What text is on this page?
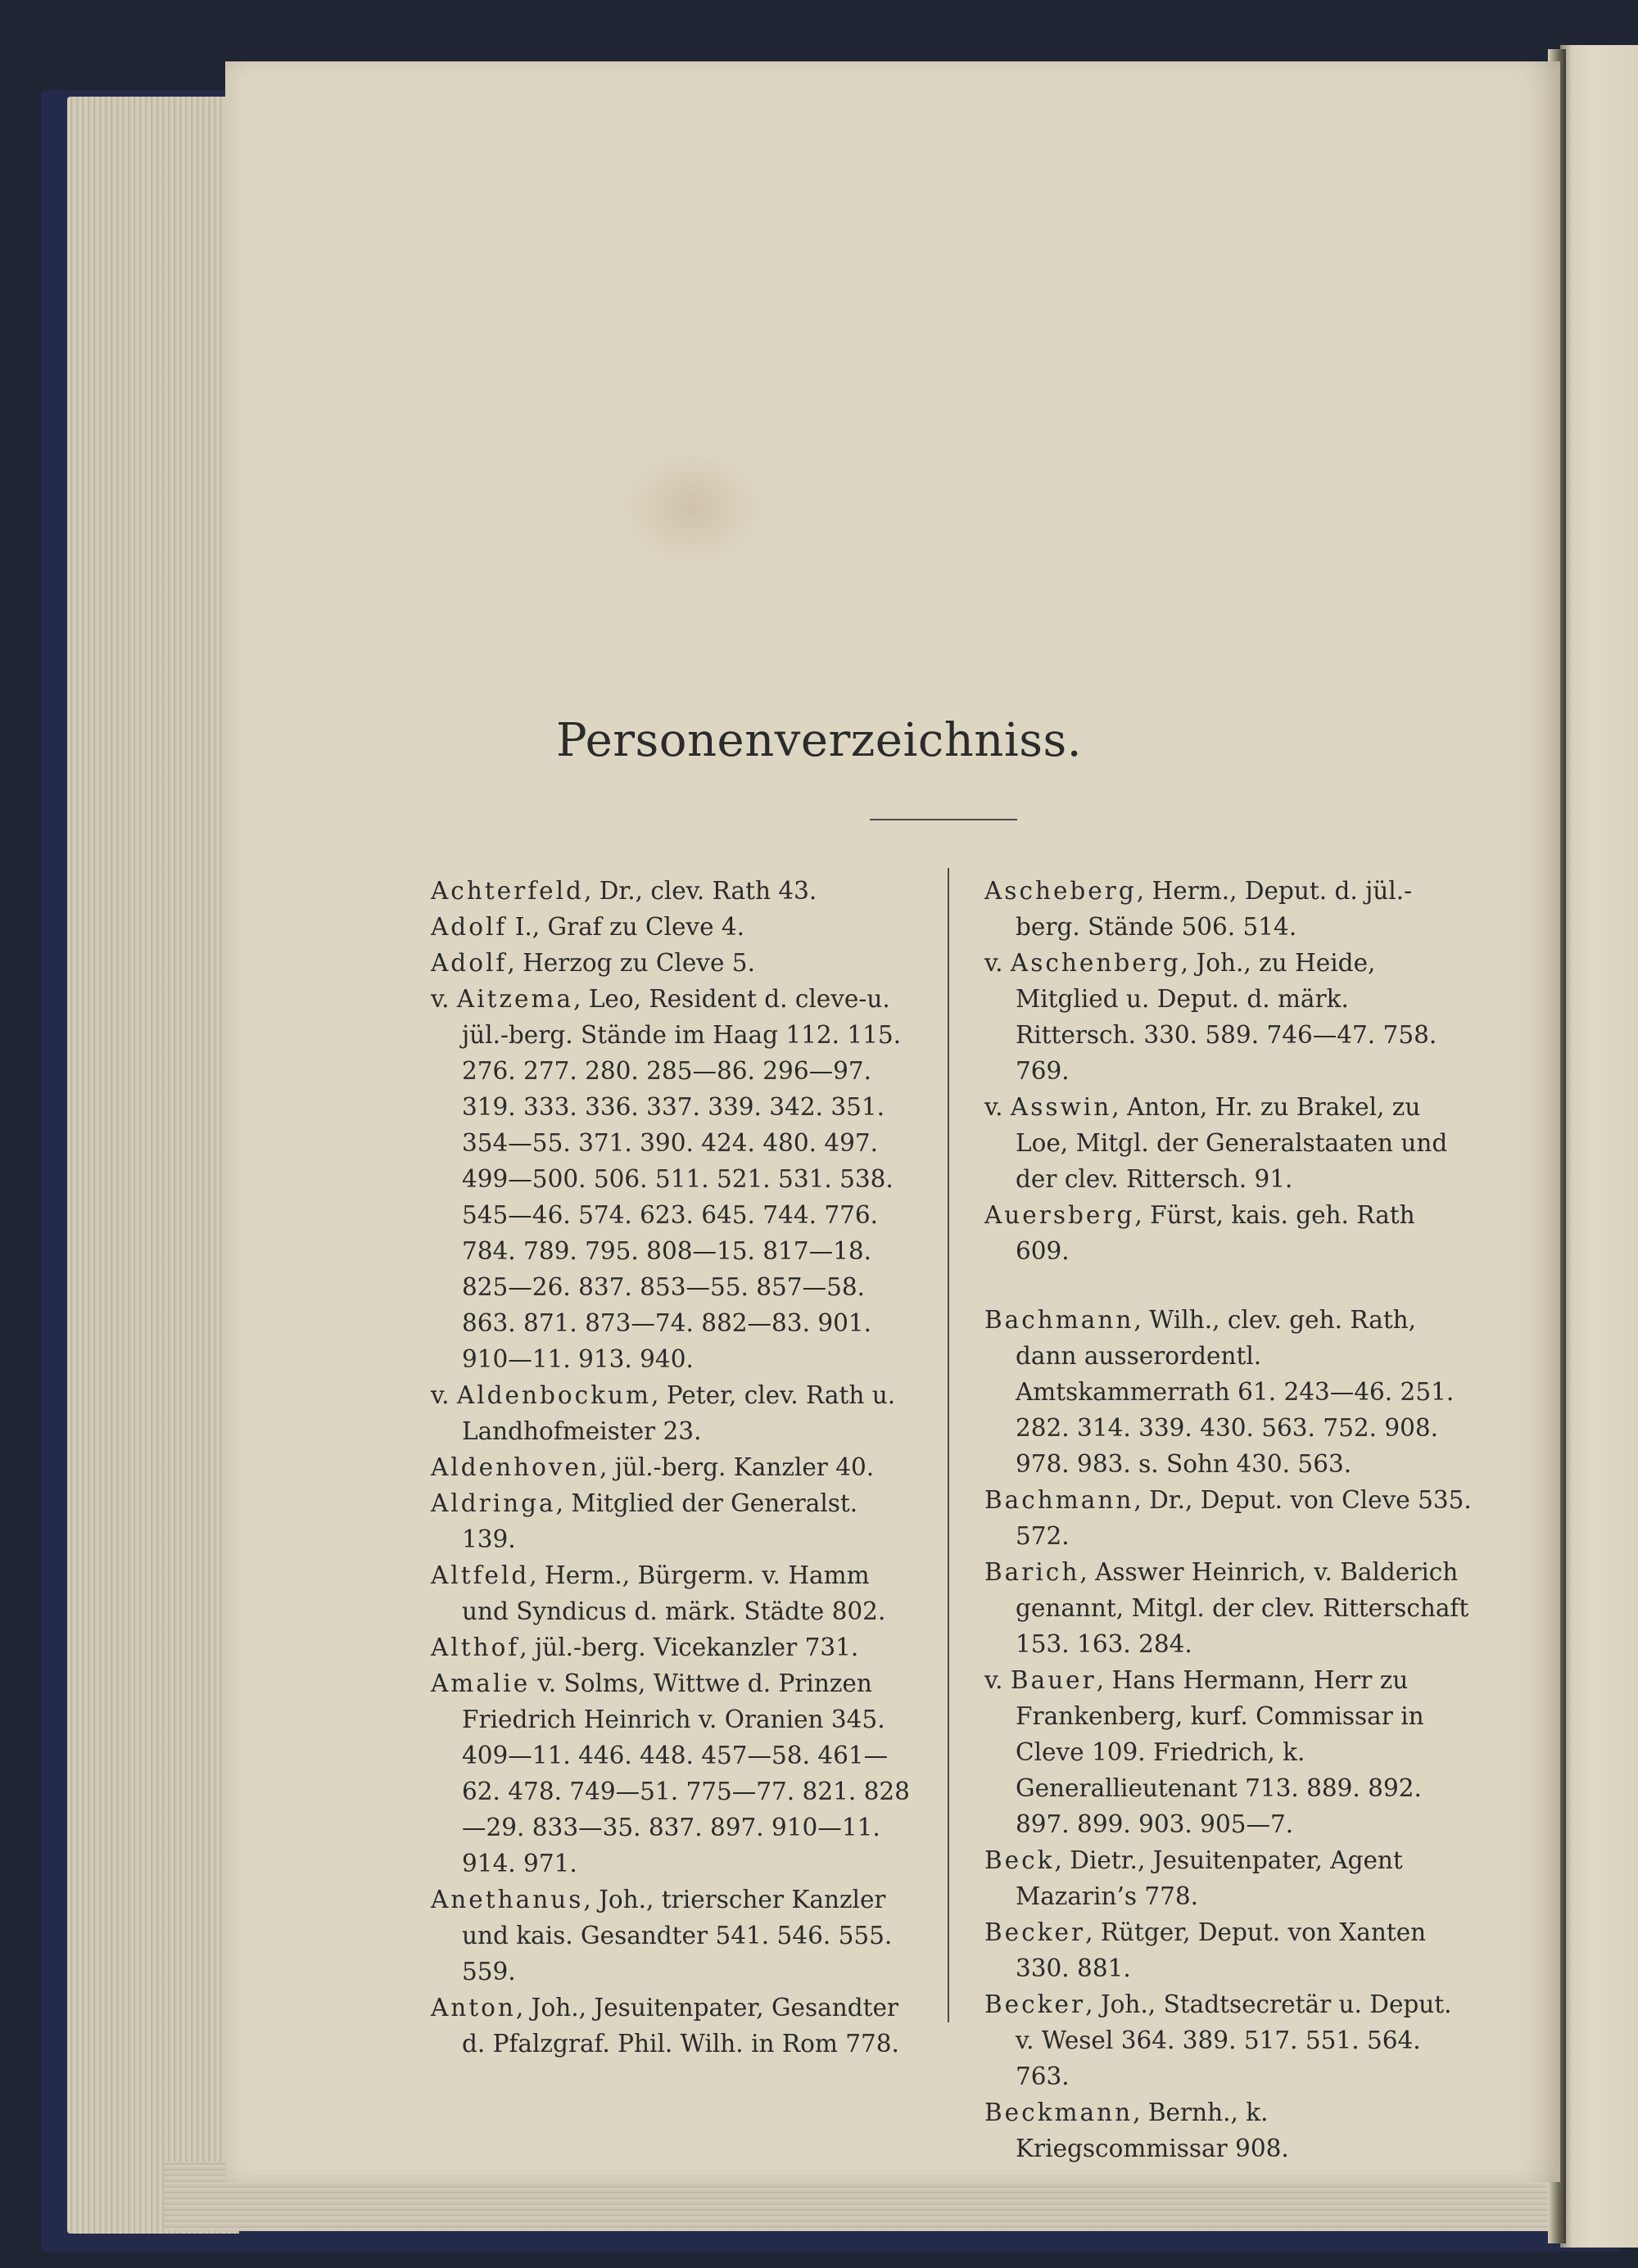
Personenverzeichniss.

Achterfeld, Dr., clev. Rath 43.

Adolf I., Graf zu Cleve 4.

Adolf, Herzog zu Cleve 5.

v. Aitzema, Leo, Resident d. cleve-u. jül.-berg. Stände im Haag 112. 115. 276. 277. 280. 285—86. 296—97. 319. 333. 336. 337. 339. 342. 351. 354—55. 371. 390. 424. 480. 497. 499—500. 506. 511. 521. 531. 538. 545—46. 574. 623. 645. 744. 776. 784. 789. 795. 808—15. 817—18. 825—26. 837. 853—55. 857—58. 863. 871. 873—74. 882—83. 901. 910—11. 913. 940.

v. Aldenbockum, Peter, clev. Rath u. Landhofmeister 23.

Aldenhoven, jül.-berg. Kanzler 40.

Aldringa, Mitglied der Generalst. 139.

Altfeld, Herm., Bürgerm. v. Hamm und Syndicus d. märk. Städte 802.

Althof, jül.-berg. Vicekanzler 731.

Amalie v. Solms, Wittwe d. Prinzen Friedrich Heinrich v. Oranien 345. 409—11. 446. 448. 457—58. 461—62. 478. 749—51. 775—77. 821. 828—29. 833—35. 837. 897. 910—11. 914. 971.

Anethanus, Joh., trierscher Kanzler und kais. Gesandter 541. 546. 555. 559.

Anton, Joh., Jesuitenpater, Gesandter d. Pfalzgraf. Phil. Wilh. in Rom 778.

Ascheberg, Herm., Deput. d. jül.-berg. Stände 506. 514.

v. Aschenberg, Joh., zu Heide, Mitglied u. Deput. d. märk. Rittersch. 330. 589. 746—47. 758. 769.

v. Asswin, Anton, Hr. zu Brakel, zu Loe, Mitgl. der Generalstaaten und der clev. Rittersch. 91.

Auersberg, Fürst, kais. geh. Rath 609.

Bachmann, Wilh., clev. geh. Rath, dann ausserordentl. Amtskammerrath 61. 243—46. 251. 282. 314. 339. 430. 563. 752. 908. 978. 983. s. Sohn 430. 563.

Bachmann, Dr., Deput. von Cleve 535. 572.

Barich, Asswer Heinrich, v. Balderich genannt, Mitgl. der clev. Ritterschaft 153. 163. 284.

v. Bauer, Hans Hermann, Herr zu Frankenberg, kurf. Commissar in Cleve 109. Friedrich, k. Generallieutenant 713. 889. 892. 897. 899. 903. 905—7.

Beck, Dietr., Jesuitenpater, Agent Mazarin’s 778.

Becker, Rütger, Deput. von Xanten 330. 881.

Becker, Joh., Stadtsecretär u. Deput. v. Wesel 364. 389. 517. 551. 564. 763.

Beckmann, Bernh., k. Kriegscommissar 908.
